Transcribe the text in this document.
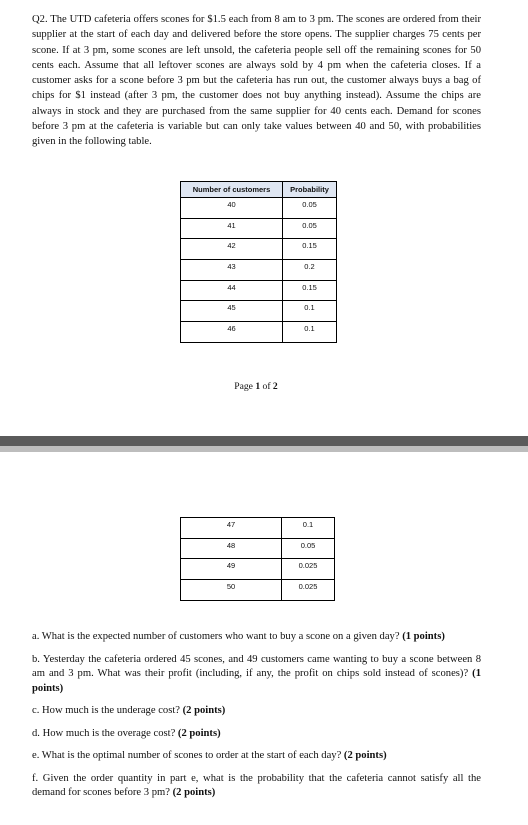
Q2. The UTD cafeteria offers scones for $1.5 each from 8 am to 3 pm. The scones are ordered from their supplier at the start of each day and delivered before the store opens. The supplier charges 75 cents per scone. If at 3 pm, some scones are left unsold, the cafeteria people sell off the remaining scones for 50 cents each. Assume that all leftover scones are always sold by 4 pm when the cafeteria closes. If a customer asks for a scone before 3 pm but the cafeteria has run out, the customer always buys a bag of chips for $1 instead (after 3 pm, the customer does not buy anything instead). Assume the chips are always in stock and they are purchased from the same supplier for 40 cents each. Demand for scones before 3 pm at the cafeteria is variable but can only take values between 40 and 50, with probabilities given in the following table.

Number of customers	Probability
40	0.05
41	0.05
42	0.15
43	0.2
44	0.15
45	0.1
46	0.1
Page 1 of 2
47	0.1
48	0.05
49	0.025
50	0.025

a. What is the expected number of customers who want to buy a scone on a given day? (1 points)

b. Yesterday the cafeteria ordered 45 scones, and 49 customers came wanting to buy a scone between 8 am and 3 pm. What was their profit (including, if any, the profit on chips sold instead of scones)? (1 points)

c. How much is the underage cost? (2 points)

d. How much is the overage cost? (2 points)

e. What is the optimal number of scones to order at the start of each day? (2 points)

f. Given the order quantity in part e, what is the probability that the cafeteria cannot satisfy all the demand for scones before 3 pm? (2 points)
